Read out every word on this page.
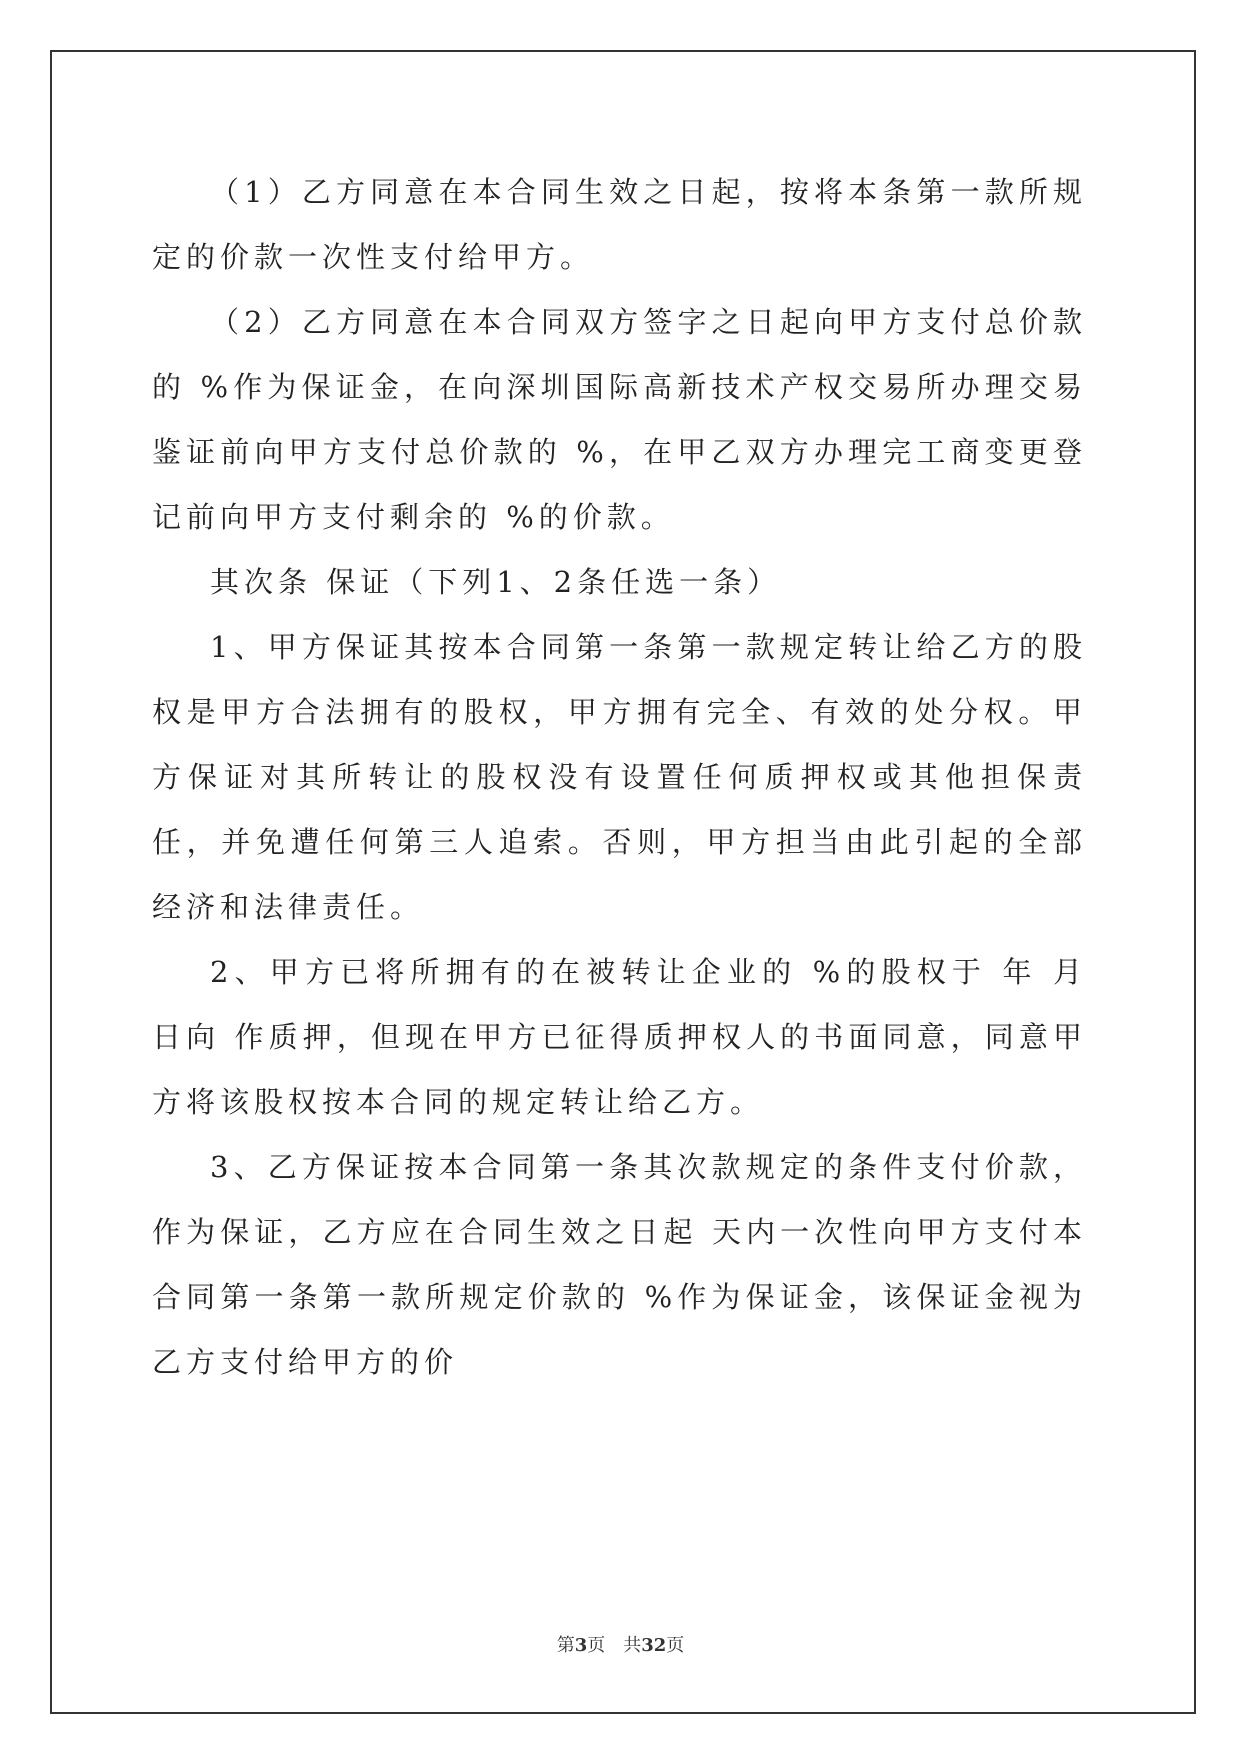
（1）乙方同意在本合同生效之日起，按将本条第一款所规定的价款一次性支付给甲方。

（2）乙方同意在本合同双方签字之日起向甲方支付总价款的 %作为保证金，在向深圳国际高新技术产权交易所办理交易鉴证前向甲方支付总价款的 %，在甲乙双方办理完工商变更登记前向甲方支付剩余的 %的价款。

其次条 保证（下列1、2条任选一条）

1、甲方保证其按本合同第一条第一款规定转让给乙方的股权是甲方合法拥有的股权，甲方拥有完全、有效的处分权。甲方保证对其所转让的股权没有设置任何质押权或其他担保责任，并免遭任何第三人追索。否则，甲方担当由此引起的全部经济和法律责任。

2、甲方已将所拥有的在被转让企业的 %的股权于 年 月 日向 作质押，但现在甲方已征得质押权人的书面同意，同意甲方将该股权按本合同的规定转让给乙方。

3、乙方保证按本合同第一条其次款规定的条件支付价款，作为保证，乙方应在合同生效之日起 天内一次性向甲方支付本合同第一条第一款所规定价款的 %作为保证金，该保证金视为乙方支付给甲方的价

第3页　共32页
